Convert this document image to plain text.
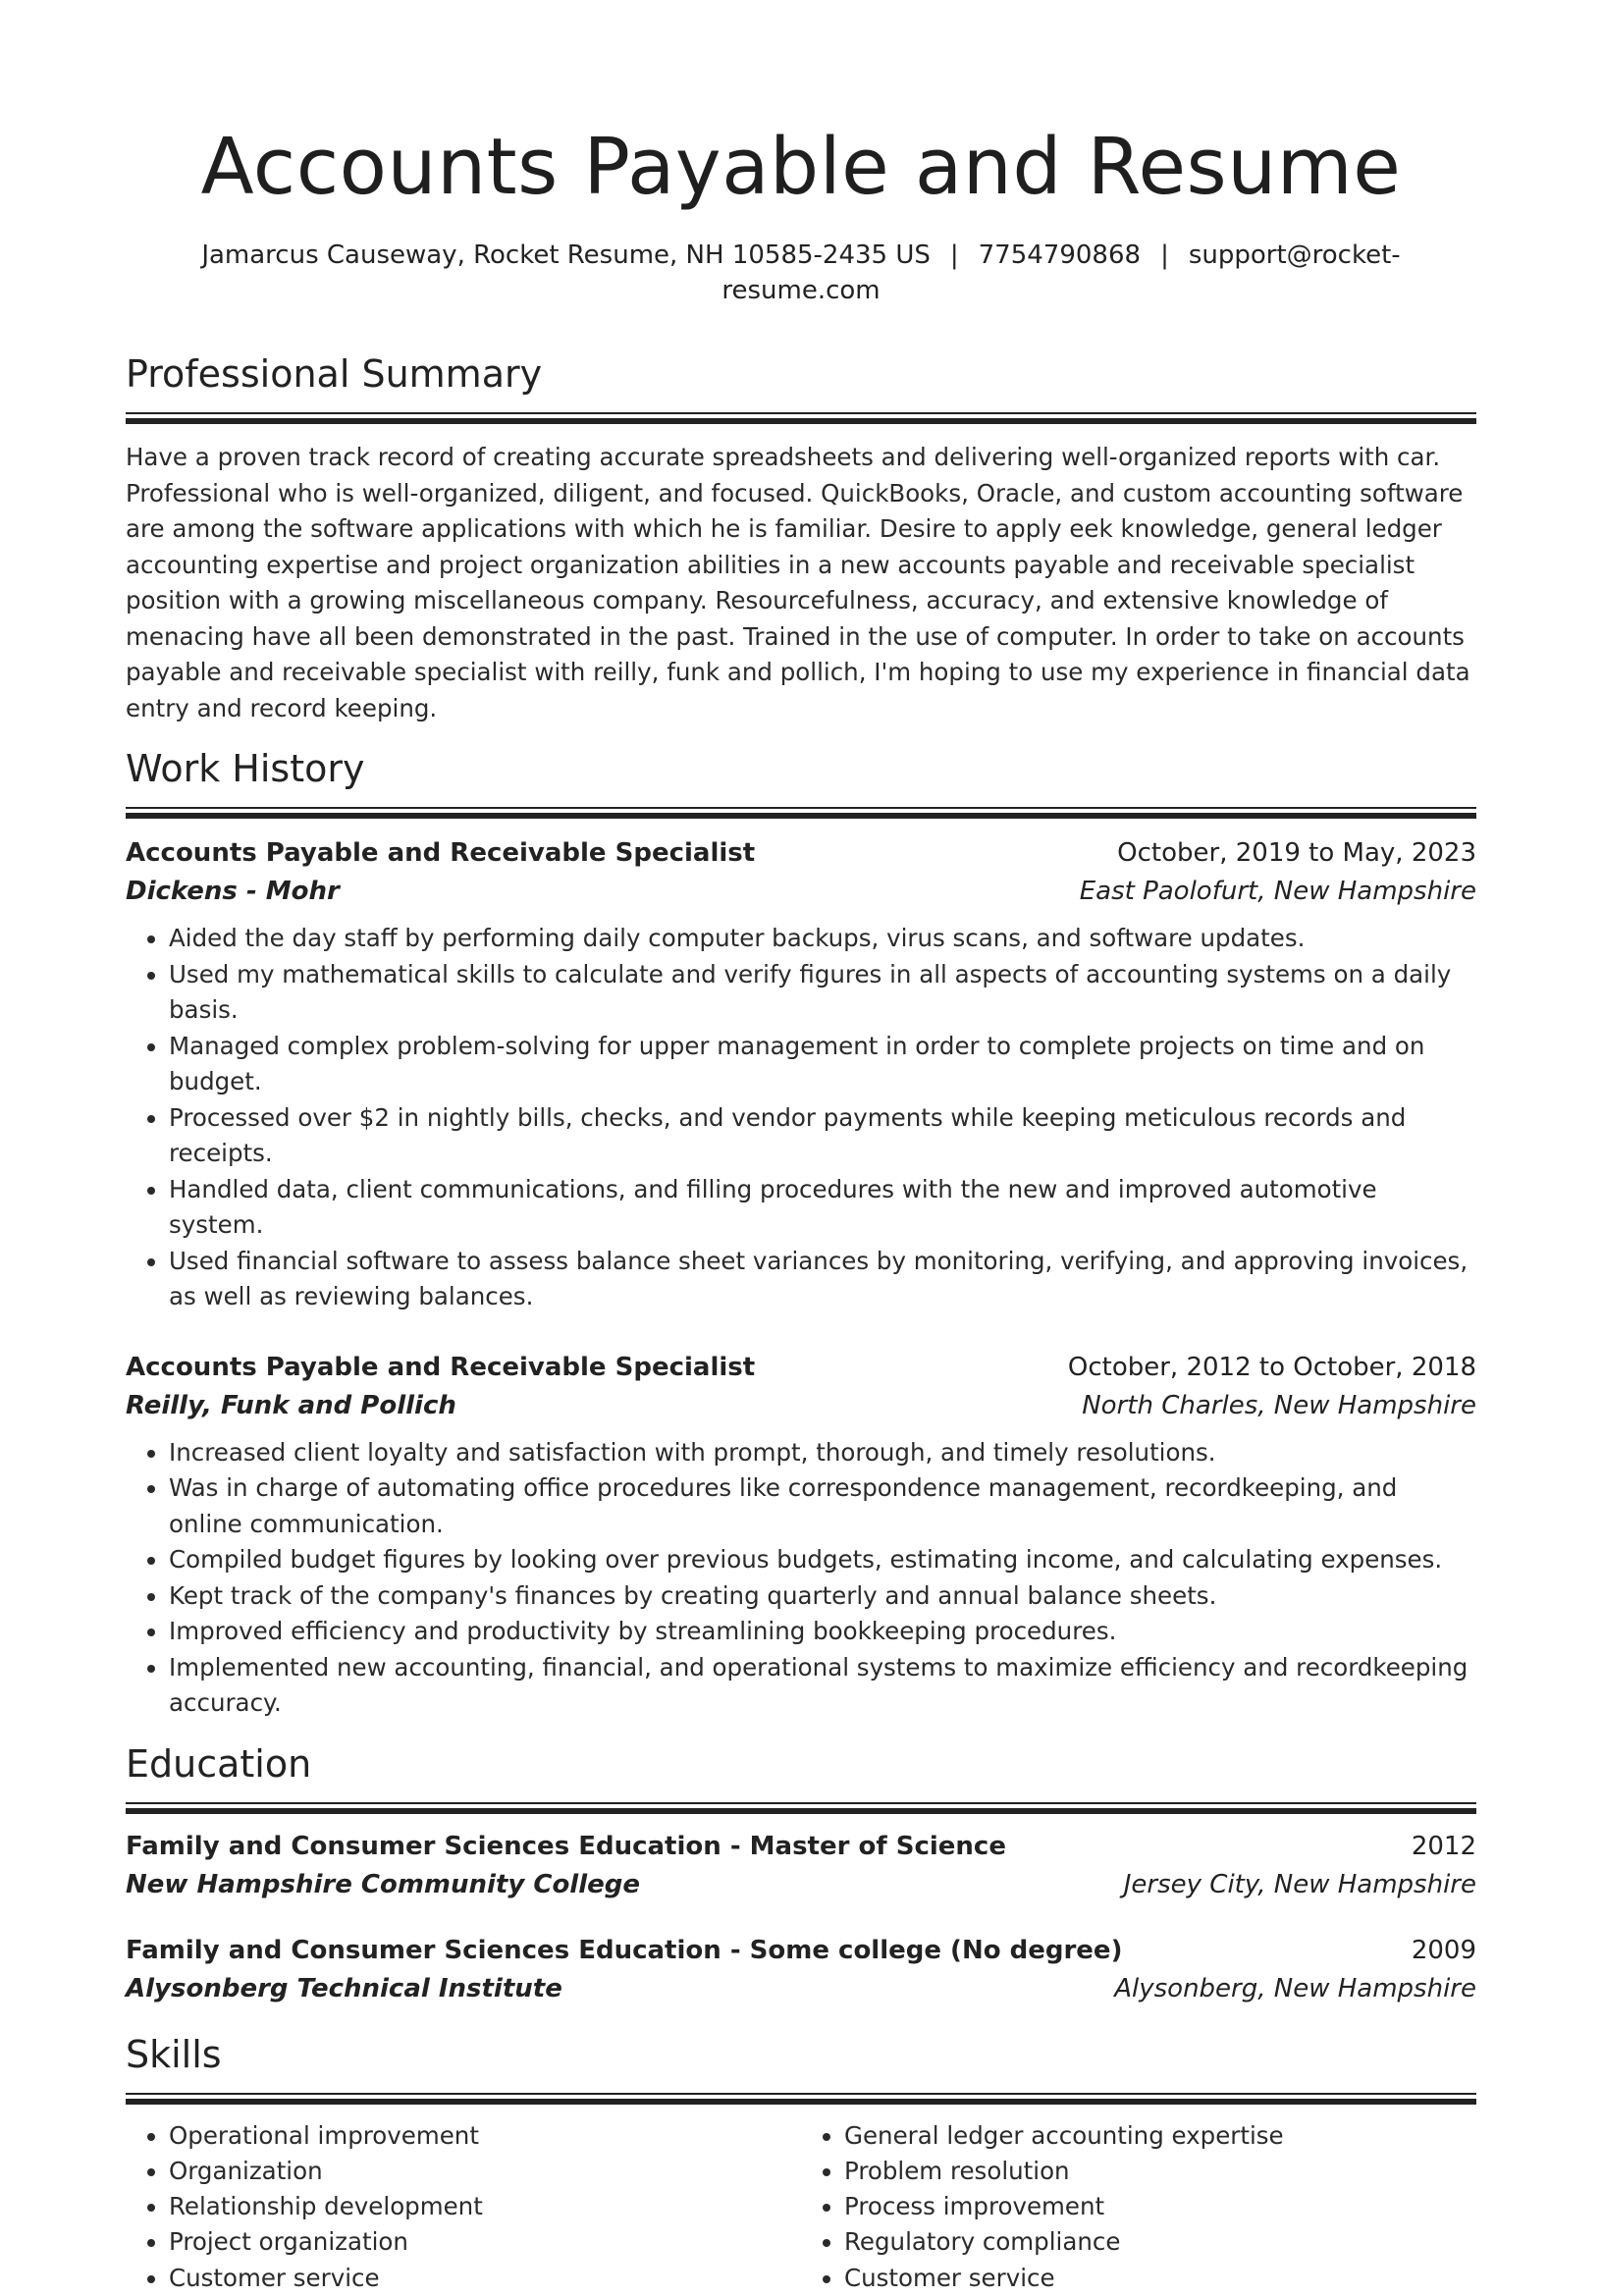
Accounts Payable and Resume
Jamarcus Causeway, Rocket Resume, NH 10585-2435 US | 7754790868 | support@rocket-resume.com
Professional Summary
Have a proven track record of creating accurate spreadsheets and delivering well-organized reports with car. Professional who is well-organized, diligent, and focused. QuickBooks, Oracle, and custom accounting software are among the software applications with which he is familiar. Desire to apply eek knowledge, general ledger accounting expertise and project organization abilities in a new accounts payable and receivable specialist position with a growing miscellaneous company. Resourcefulness, accuracy, and extensive knowledge of menacing have all been demonstrated in the past. Trained in the use of computer. In order to take on accounts payable and receivable specialist with reilly, funk and pollich, I'm hoping to use my experience in financial data entry and record keeping.
Work History
Accounts Payable and Receivable Specialist	October, 2019 to May, 2023
Dickens - Mohr	East Paolofurt, New Hampshire
• Aided the day staff by performing daily computer backups, virus scans, and software updates.
• Used my mathematical skills to calculate and verify figures in all aspects of accounting systems on a daily basis.
• Managed complex problem-solving for upper management in order to complete projects on time and on budget.
• Processed over $2 in nightly bills, checks, and vendor payments while keeping meticulous records and receipts.
• Handled data, client communications, and filling procedures with the new and improved automotive system.
• Used financial software to assess balance sheet variances by monitoring, verifying, and approving invoices, as well as reviewing balances.
Accounts Payable and Receivable Specialist	October, 2012 to October, 2018
Reilly, Funk and Pollich	North Charles, New Hampshire
• Increased client loyalty and satisfaction with prompt, thorough, and timely resolutions.
• Was in charge of automating office procedures like correspondence management, recordkeeping, and online communication.
• Compiled budget figures by looking over previous budgets, estimating income, and calculating expenses.
• Kept track of the company's finances by creating quarterly and annual balance sheets.
• Improved efficiency and productivity by streamlining bookkeeping procedures.
• Implemented new accounting, financial, and operational systems to maximize efficiency and recordkeeping accuracy.
Education
Family and Consumer Sciences Education - Master of Science	2012
New Hampshire Community College	Jersey City, New Hampshire
Family and Consumer Sciences Education - Some college (No degree)	2009
Alysonberg Technical Institute	Alysonberg, New Hampshire
Skills
• Operational improvement
• Organization
• Relationship development
• Project organization
• Customer service
• General ledger accounting expertise
• Problem resolution
• Process improvement
• Regulatory compliance
• Customer service
